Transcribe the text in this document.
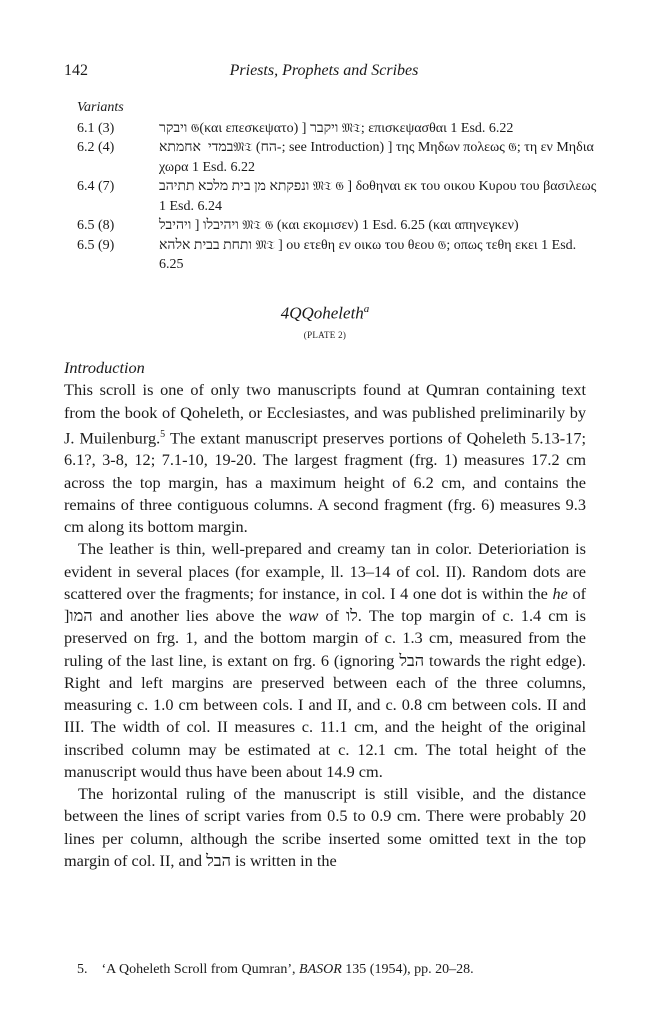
142	Priests, Prophets and Scribes
Variants
6.1 (3)	ויבקר 𝔊(και επεσκεψατο) ] ויקבר 𝔐𝔗; επισκεψασθαι 1 Esd. 6.22
6.2 (4)	אחמתא במדי 𝔐𝔗 (הח-; see Introduction) ] της Μηδων πολεως 𝔊; τη εν Μηδια χωρα 1 Esd. 6.22
6.4 (7)	ונפקתא מן בית מלכא תתיהב 𝔐𝔗 𝔊 ] δοθηναι εκ του οικου Κυρου του βασιλεως 1 Esd. 6.24
6.5 (8)	ויהיבל ] ויהיבלו 𝔐𝔗 𝔊 (και εκομισεν) 1 Esd. 6.25 (και απηνεγκεν)
6.5 (9)	ותחת בבית אלהא 𝔐𝔗 ] ου ετεθη εν οικω του θεου 𝔊; οπως τεθη εκει 1 Esd. 6.25
4QQoheleth$^a$
(PLATE 2)
Introduction

This scroll is one of only two manuscripts found at Qumran containing text from the book of Qoheleth, or Ecclesiastes, and was published preliminarily by J. Muilenburg.$^5$ The extant manuscript preserves portions of Qoheleth 5.13-17; 6.1?, 3-8, 12; 7.1-10, 19-20. The largest fragment (frg. 1) measures 17.2 cm across the top margin, has a maximum height of 6.2 cm, and contains the remains of three contiguous columns. A second fragment (frg. 6) measures 9.3 cm along its bottom margin.

The leather is thin, well-prepared and creamy tan in color. Deterioriation is evident in several places (for example, ll. 13–14 of col. II). Random dots are scattered over the fragments; for instance, in col. I 4 one dot is within the he of המו[ and another lies above the waw of לו. The top margin of c. 1.4 cm is preserved on frg. 1, and the bottom margin of c. 1.3 cm, measured from the ruling of the last line, is extant on frg. 6 (ignoring הבל towards the right edge). Right and left margins are preserved between each of the three columns, measuring c. 1.0 cm between cols. I and II, and c. 0.8 cm between cols. II and III. The width of col. II measures c. 11.1 cm, and the height of the original inscribed column may be estimated at c. 12.1 cm. The total height of the manuscript would thus have been about 14.9 cm.

The horizontal ruling of the manuscript is still visible, and the distance between the lines of script varies from 0.5 to 0.9 cm. There were probably 20 lines per column, although the scribe inserted some omitted text in the top margin of col. II, and הבל is written in the

5. ‘A Qoheleth Scroll from Qumran’, BASOR 135 (1954), pp. 20–28.
